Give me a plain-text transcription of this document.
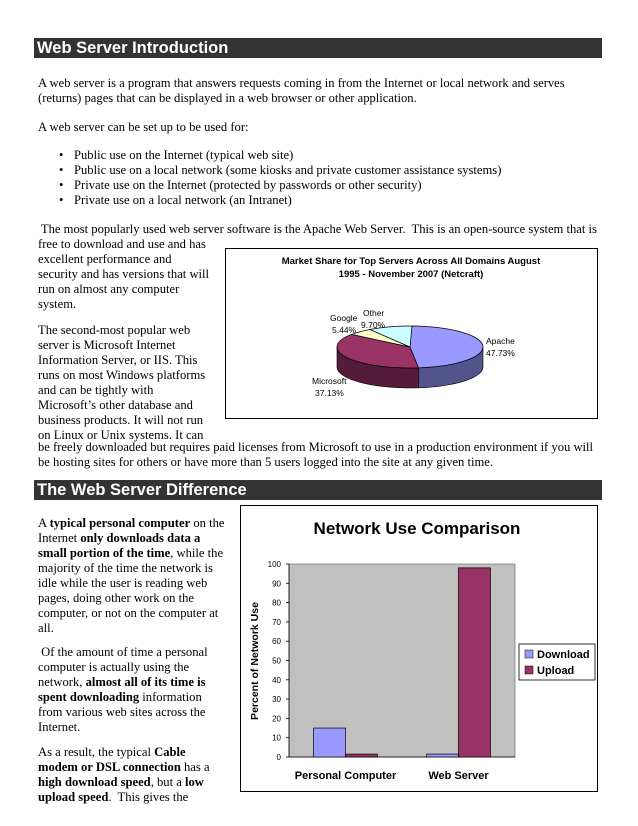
Web Server Introduction
A web server is a program that answers requests coming in from the Internet or local network and serves
(returns) pages that can be displayed in a web browser or other application.
A web server can be set up to be used for:
• Public use on the Internet (typical web site)
• Public use on a local network (some kiosks and private customer assistance systems)
• Private use on the Internet (protected by passwords or other security)
• Private use on a local network (an Intranet)
The most popularly used web server software is the Apache Web Server.  This is an open-source system that is
free to download and use and has
excellent performance and
security and has versions that will
run on almost any computer
system.
The second-most popular web
server is Microsoft Internet
Information Server, or IIS. This
runs on most Windows platforms
and can be tightly with
Microsoft’s other database and
business products. It will not run
on Linux or Unix systems. It can
be freely downloaded but requires paid licenses from Microsoft to use in a production environment if you will
be hosting sites for others or have more than 5 users logged into the site at any given time.
Market Share for Top Servers Across All Domains August
1995 - November 2007 (Netcraft)
Apache
47.73%
Microsoft
37.13%
Google
5.44%
Other
9.70%
The Web Server Difference
A typical personal computer on the
Internet only downloads data a
small portion of the time, while the
majority of the time the network is
idle while the user is reading web
pages, doing other work on the
computer, or not on the computer at
all.
Of the amount of time a personal
computer is actually using the
network, almost all of its time is
spent downloading information
from various web sites across the
Internet.
As a result, the typical Cable
modem or DSL connection has a
high download speed, but a low
upload speed.  This gives the
Network Use Comparison
Percent of Network Use
0
10
20
30
40
50
60
70
80
90
100
Personal Computer	Web Server
Download
Upload
